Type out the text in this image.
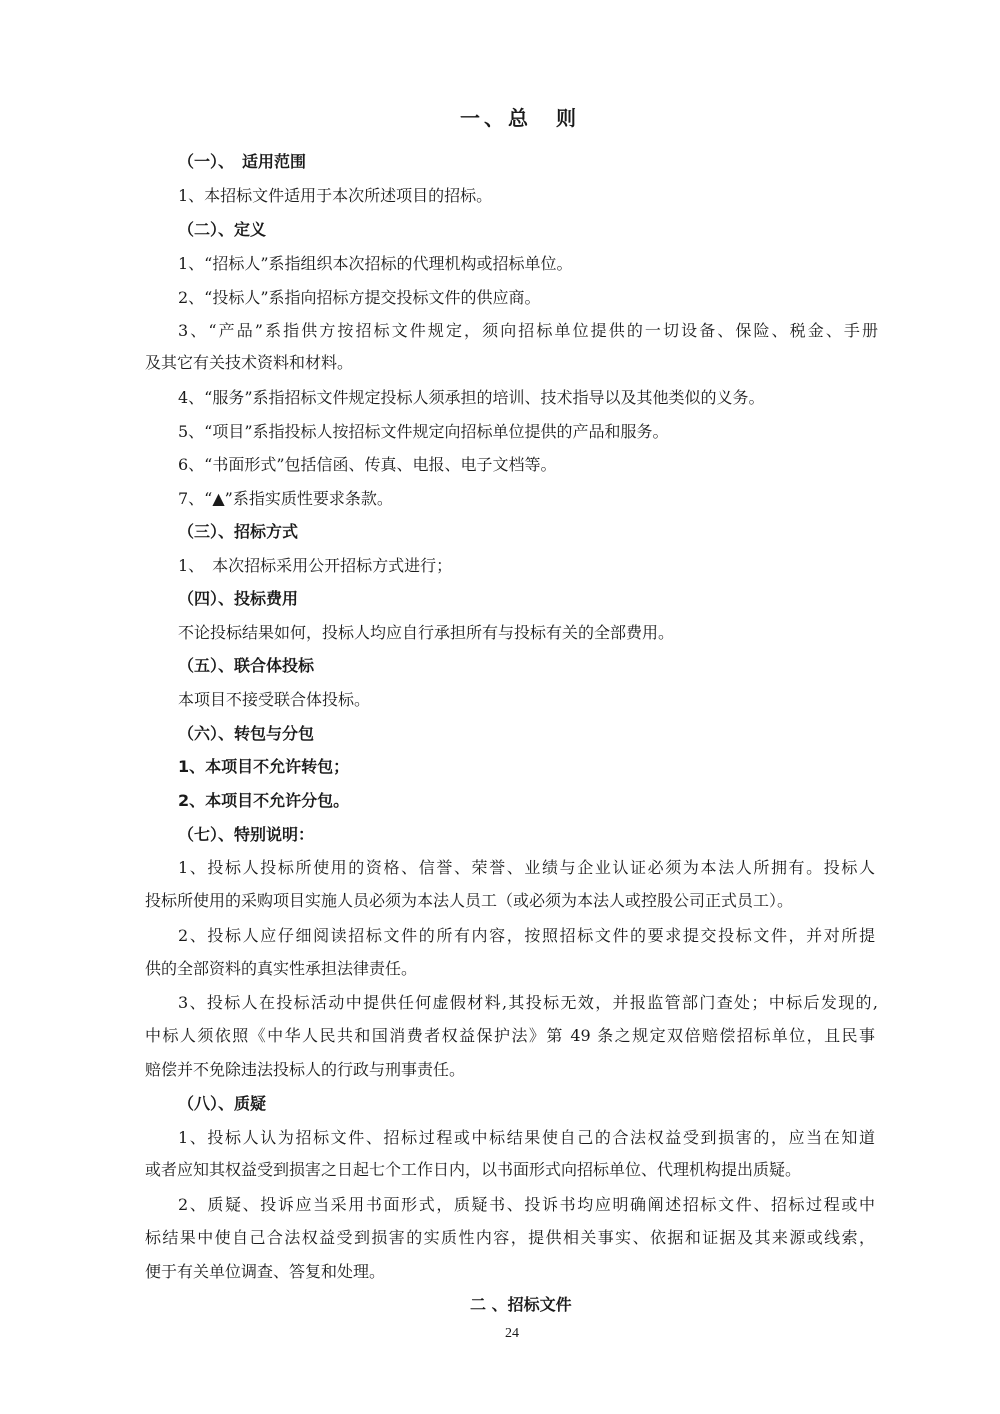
一、总　则
（一）、　适用范围
1、本招标文件适用于本次所述项目的招标。
（二）、定义
1、“招标人”系指组织本次招标的代理机构或招标单位。
2、“投标人”系指向招标方提交投标文件的供应商。
3、“产品”系指供方按招标文件规定，须向招标单位提供的一切设备、保险、税金、手册
及其它有关技术资料和材料。
4、“服务”系指招标文件规定投标人须承担的培训、技术指导以及其他类似的义务。
5、“项目”系指投标人按招标文件规定向招标单位提供的产品和服务。
6、“书面形式”包括信函、传真、电报、电子文档等。
7、“▲”系指实质性要求条款。
（三）、招标方式
1、　本次招标采用公开招标方式进行；
（四）、投标费用
不论投标结果如何，投标人均应自行承担所有与投标有关的全部费用。
（五）、联合体投标
本项目不接受联合体投标。
（六）、转包与分包
1、本项目不允许转包；
2、本项目不允许分包。
（七）、特别说明：
1、投标人投标所使用的资格、信誉、荣誉、业绩与企业认证必须为本法人所拥有。投标人
投标所使用的采购项目实施人员必须为本法人员工（或必须为本法人或控股公司正式员工）。
2、投标人应仔细阅读招标文件的所有内容，按照招标文件的要求提交投标文件，并对所提
供的全部资料的真实性承担法律责任。
3、投标人在投标活动中提供任何虚假材料,其投标无效，并报监管部门查处；中标后发现的,
中标人须依照《中华人民共和国消费者权益保护法》第 49 条之规定双倍赔偿招标单位，且民事
赔偿并不免除违法投标人的行政与刑事责任。
（八）、质疑
1、投标人认为招标文件、招标过程或中标结果使自己的合法权益受到损害的，应当在知道
或者应知其权益受到损害之日起七个工作日内，以书面形式向招标单位、代理机构提出质疑。
2、质疑、投诉应当采用书面形式，质疑书、投诉书均应明确阐述招标文件、招标过程或中
标结果中使自己合法权益受到损害的实质性内容，提供相关事实、依据和证据及其来源或线索，
便于有关单位调查、答复和处理。
二 、招标文件
24
